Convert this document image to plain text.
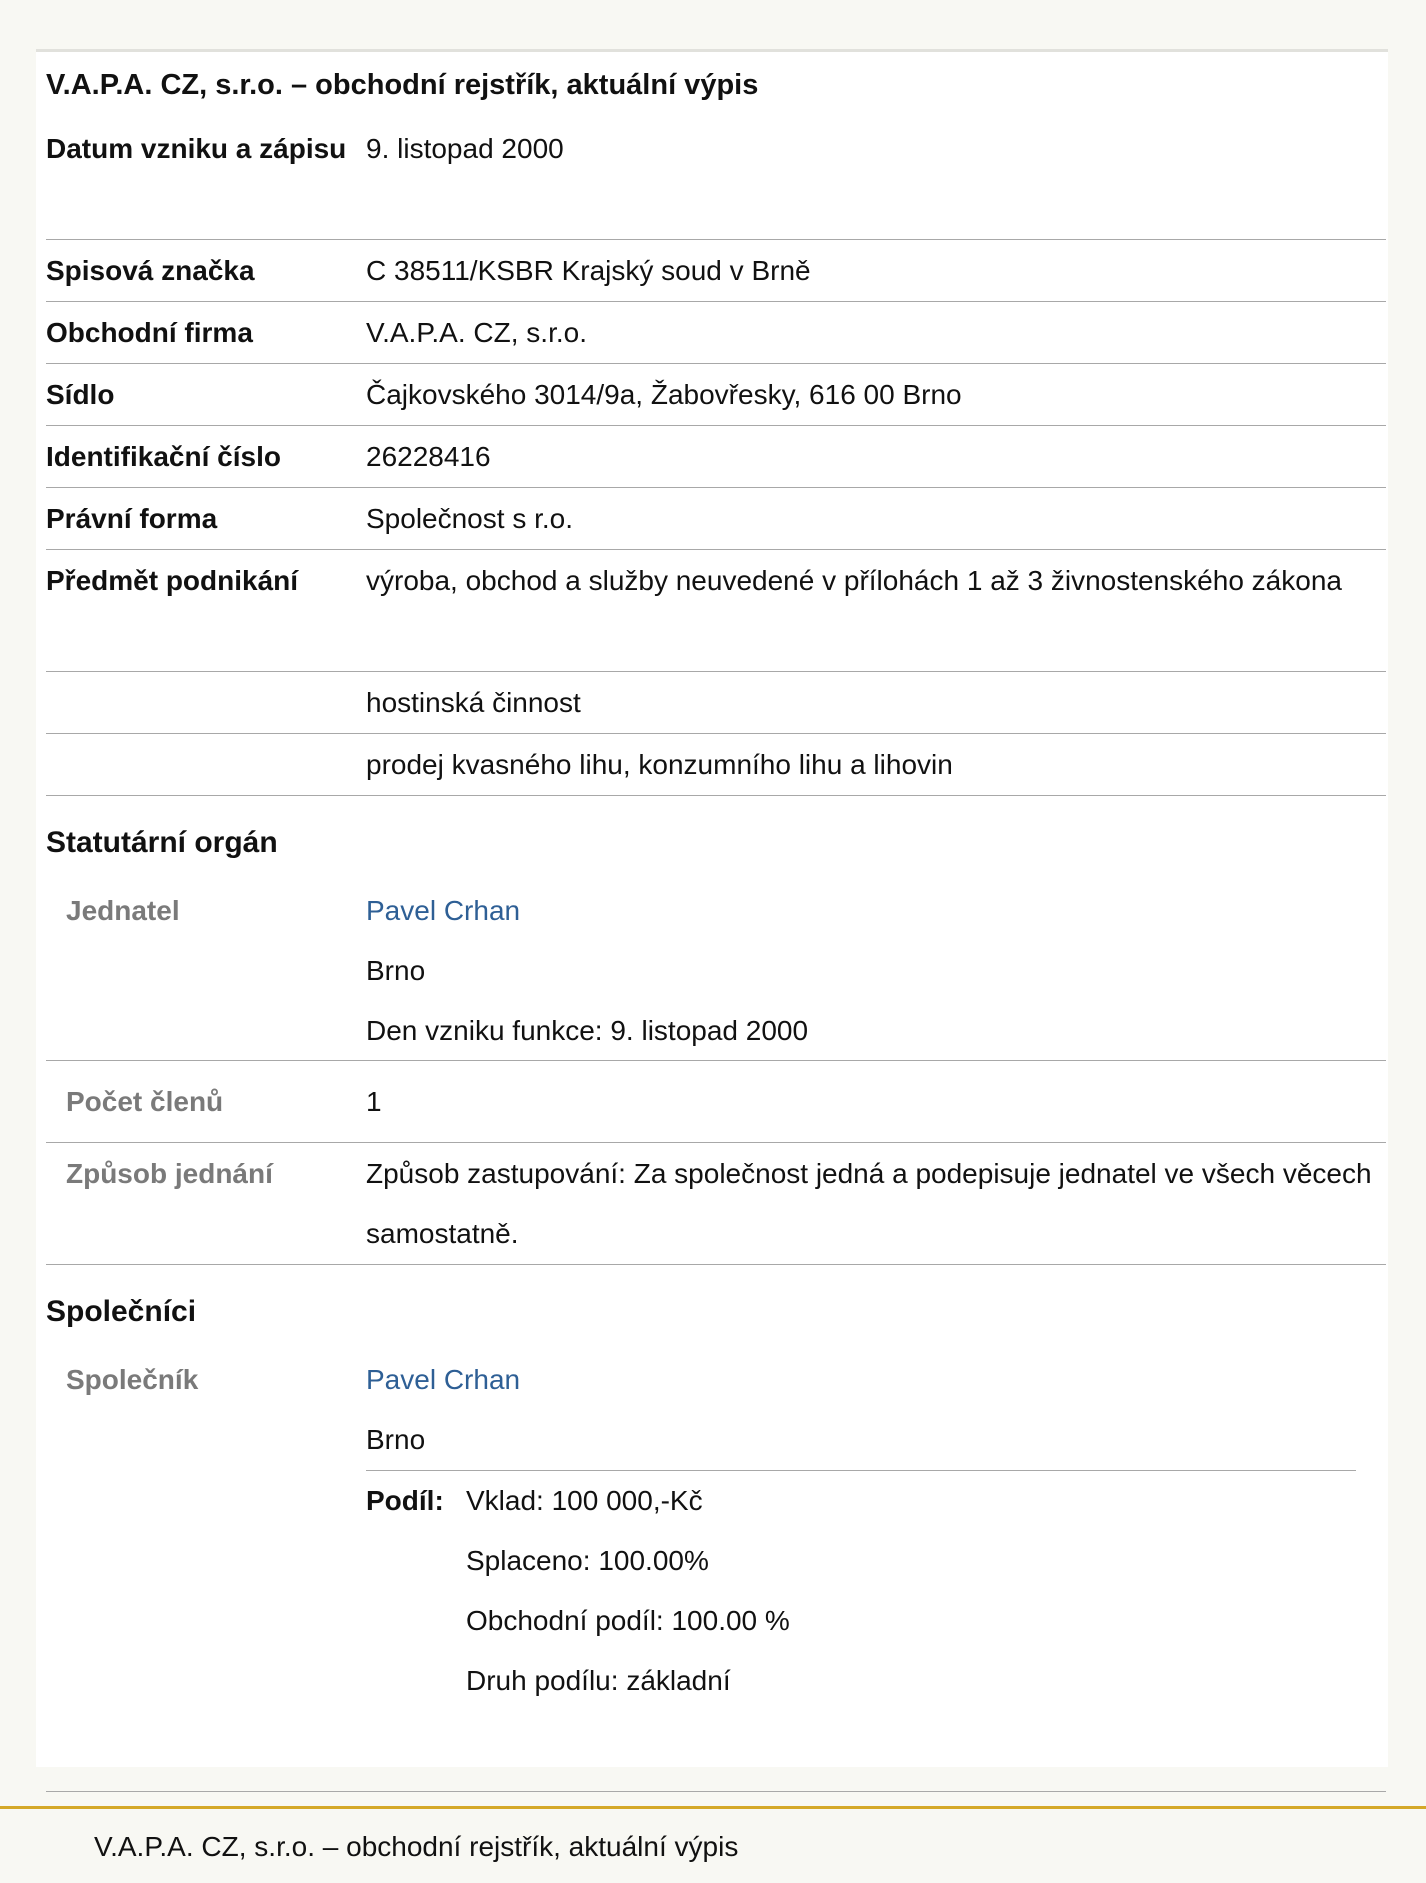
V.A.P.A. CZ, s.r.o. – obchodní rejstřík, aktuální výpis
Datum vzniku a zápisu 9. listopad 2000
Spisová značka	C 38511/KSBR Krajský soud v Brně
Obchodní firma	V.A.P.A. CZ, s.r.o.
Sídlo	Čajkovského 3014/9a, Žabovřesky, 616 00 Brno
Identifikační číslo	26228416
Právní forma	Společnost s r.o.
Předmět podnikání	výroba, obchod a služby neuvedené v přílohách 1 až 3 živnostenského zákona
hostinská činnost
prodej kvasného lihu, konzumního lihu a lihovin
Statutární orgán
Jednatel	Pavel Crhan
Brno
Den vzniku funkce: 9. listopad 2000
Počet členů	1
Způsob jednání	Způsob zastupování: Za společnost jedná a podepisuje jednatel ve všech věcech samostatně.
Společníci
Společník	Pavel Crhan
Brno
Podíl: Vklad: 100 000,-Kč
Splaceno: 100.00%
Obchodní podíl: 100.00 %
Druh podílu: základní
V.A.P.A. CZ, s.r.o. – obchodní rejstřík, aktuální výpis
